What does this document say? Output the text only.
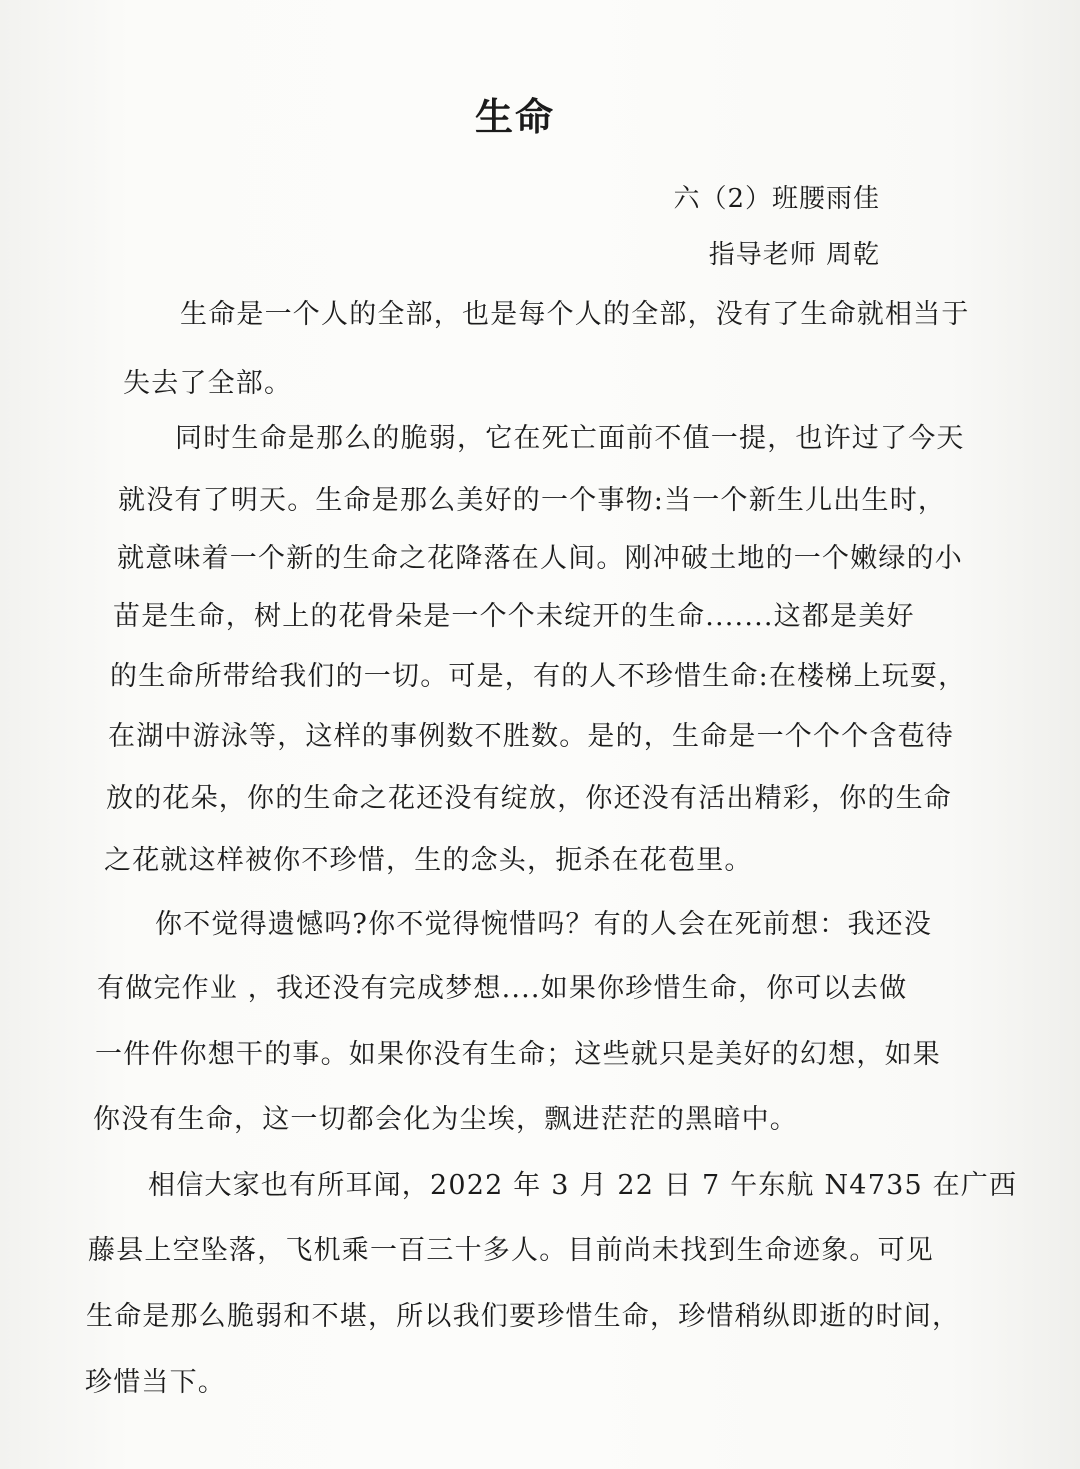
生命
六（2）班腰雨佳
指导老师 周乾

生命是一个人的全部，也是每个人的全部，没有了生命就相当于

失去了全部。

同时生命是那么的脆弱，它在死亡面前不值一提，也许过了今天

就没有了明天。生命是那么美好的一个事物:当一个新生儿出生时，

就意味着一个新的生命之花降落在人间。刚冲破土地的一个嫩绿的小

苗是生命，树上的花骨朵是一个个未绽开的生命.......这都是美好

的生命所带给我们的一切。可是，有的人不珍惜生命:在楼梯上玩耍，

在湖中游泳等，这样的事例数不胜数。是的，生命是一个个个含苞待

放的花朵，你的生命之花还没有绽放，你还没有活出精彩，你的生命

之花就这样被你不珍惜，生的念头，扼杀在花苞里。

你不觉得遗憾吗?你不觉得惋惜吗？有的人会在死前想：我还没

有做完作业 ，我还没有完成梦想....如果你珍惜生命，你可以去做

一件件你想干的事。如果你没有生命；这些就只是美好的幻想，如果

你没有生命，这一切都会化为尘埃，飘进茫茫的黑暗中。

相信大家也有所耳闻，2022 年 3 月 22 日 7 午东航 N4735 在广西

藤县上空坠落，飞机乘一百三十多人。目前尚未找到生命迹象。可见

生命是那么脆弱和不堪，所以我们要珍惜生命，珍惜稍纵即逝的时间，

珍惜当下。
